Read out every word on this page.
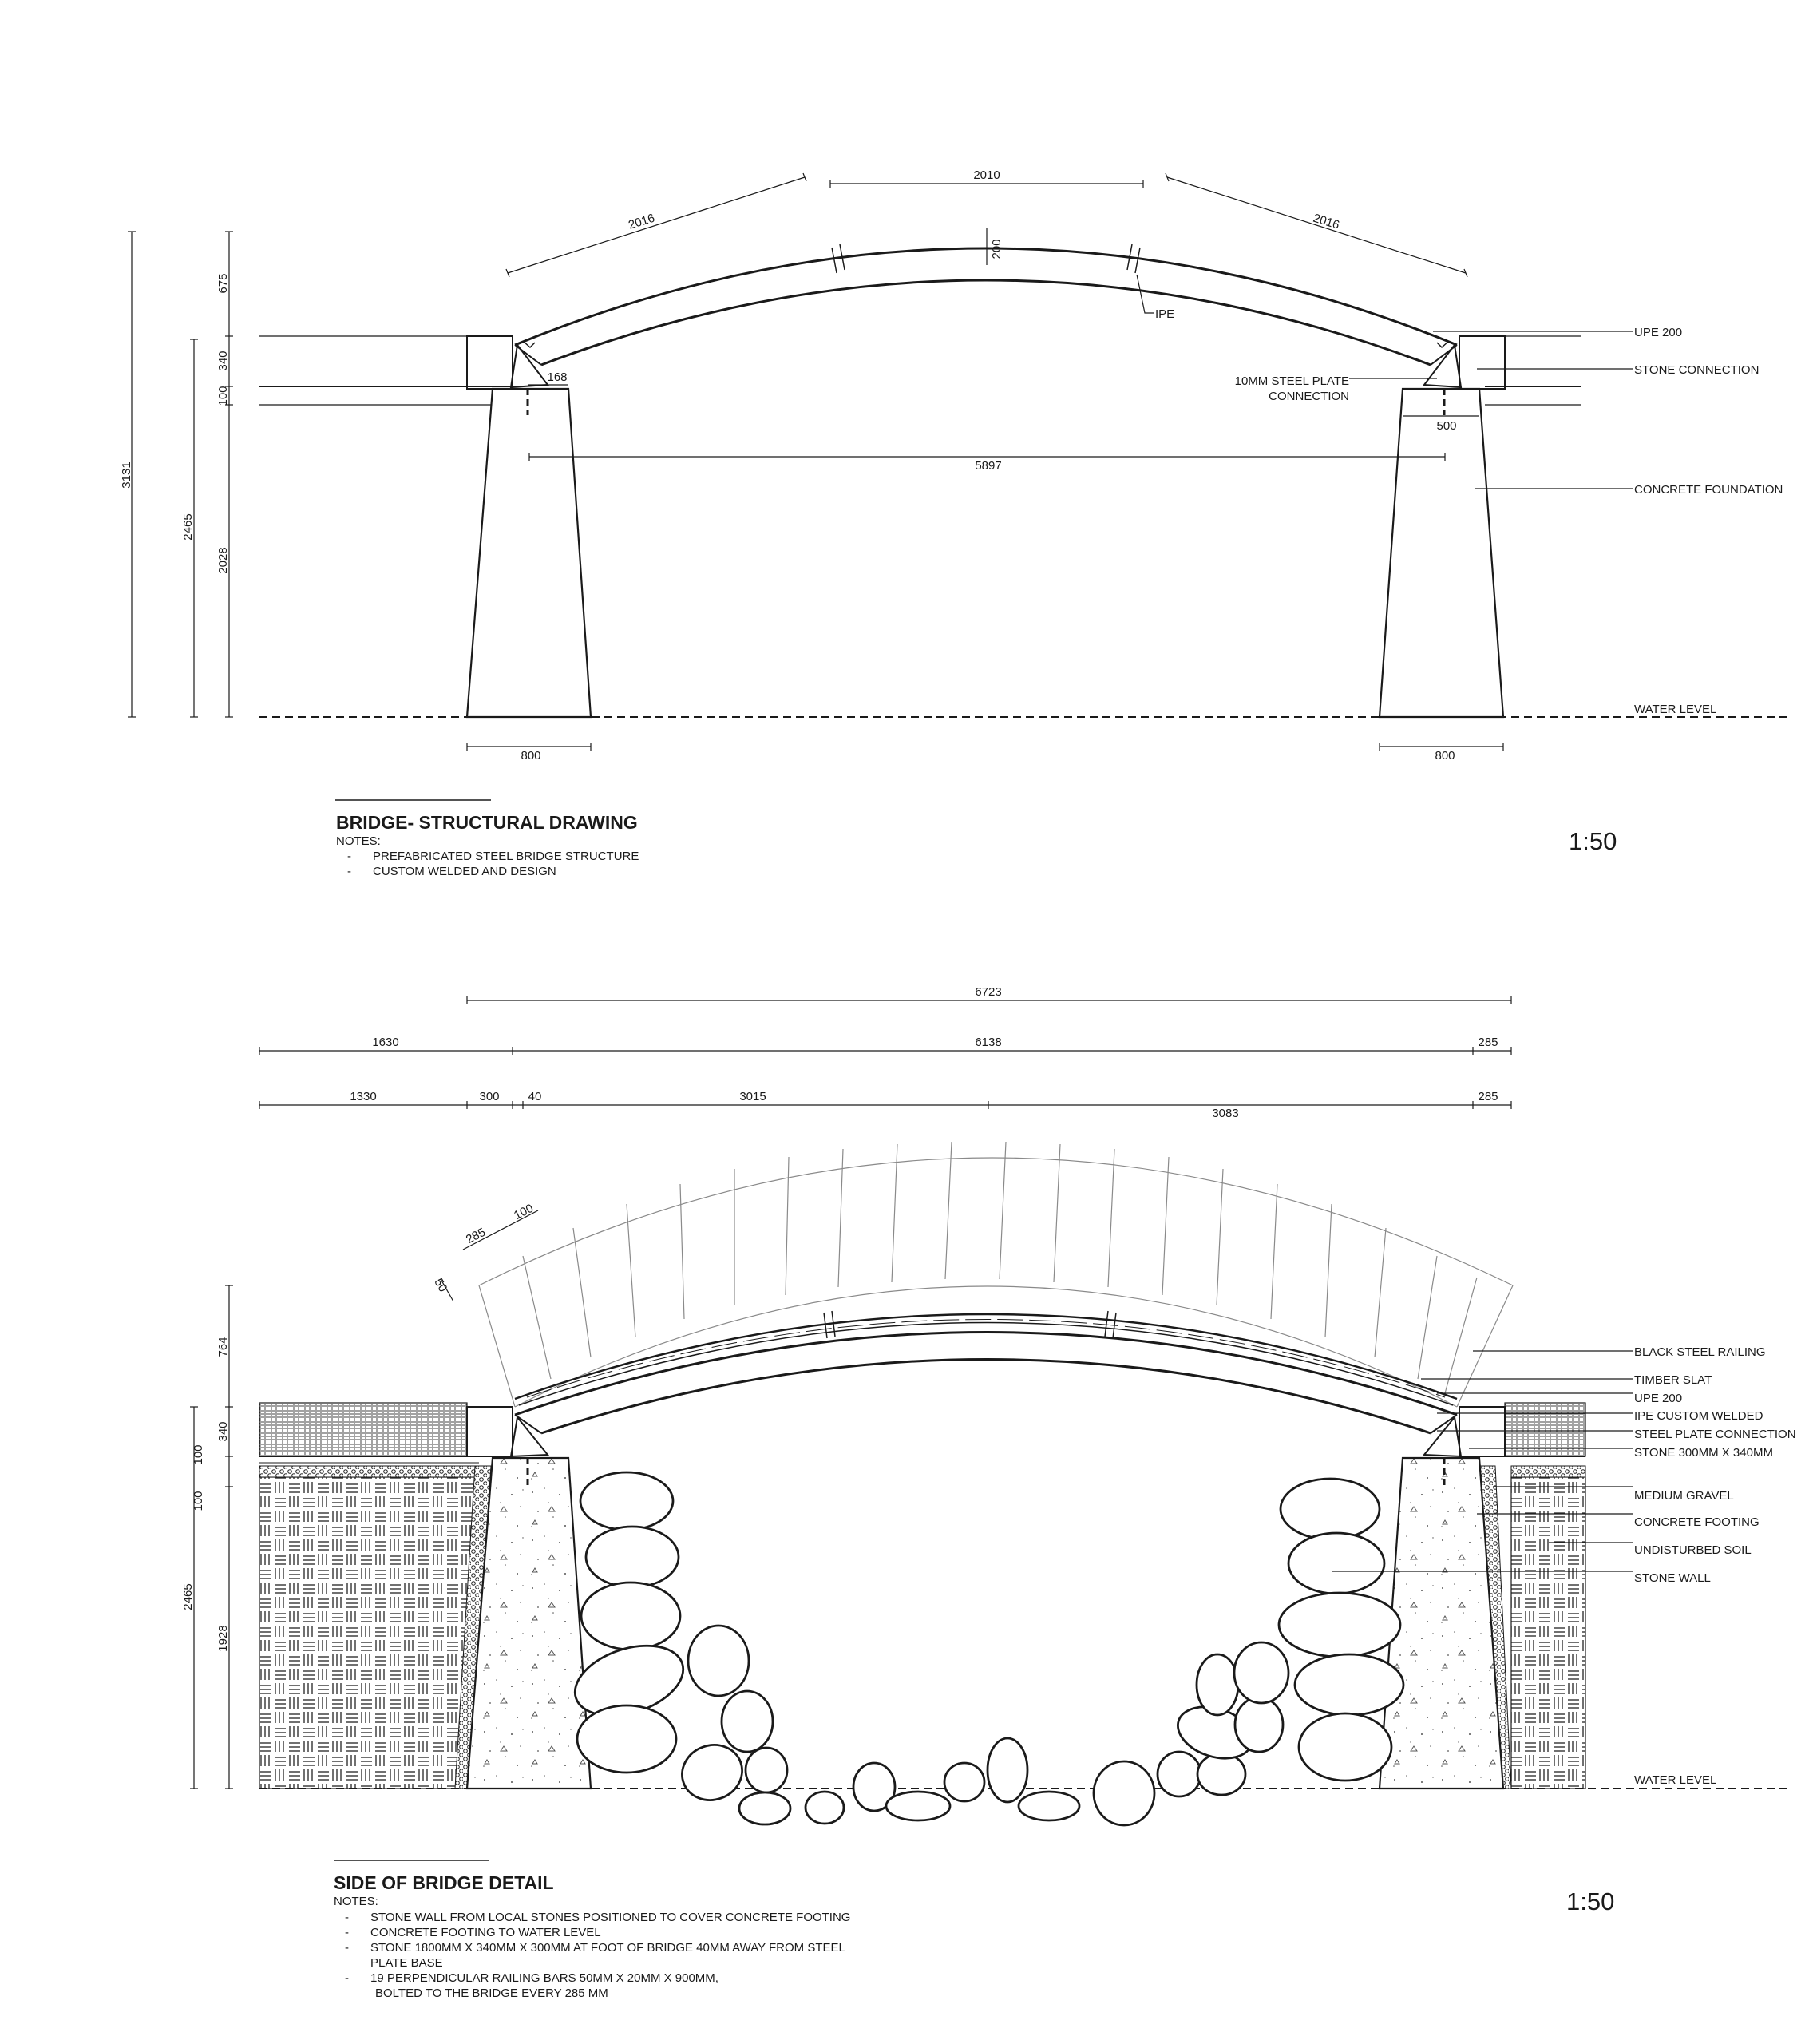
2016
2010
2016
200
168
500
5897
800	800
3131
2465
675
340
100
2028
IPE
UPE 200
STONE CONNECTION
10MM STEEL PLATE
CONNECTION
CONCRETE FOUNDATION
WATER LEVEL
BRIDGE- STRUCTURAL DRAWING
NOTES:
- PREFABRICATED STEEL BRIDGE STRUCTURE
- CUSTOM WELDED AND DESIGN
1:50
6723
1630	6138	285
1330	300 40	3015
3083
285
285
100
50
764
340
100
100
2465
1928
BLACK STEEL RAILING
TIMBER SLAT
UPE 200
IPE CUSTOM WELDED
STEEL PLATE CONNECTION
STONE 300MM X 340MM
MEDIUM GRAVEL
CONCRETE FOOTING
UNDISTURBED SOIL
STONE WALL
WATER LEVEL
SIDE OF BRIDGE DETAIL
NOTES:
- STONE WALL FROM LOCAL STONES POSITIONED TO COVER CONCRETE FOOTING
- CONCRETE FOOTING TO WATER LEVEL
- STONE 1800MM X 340MM X 300MM AT FOOT OF BRIDGE 40MM AWAY FROM STEEL
PLATE BASE
- 19 PERPENDICULAR RAILING BARS 50MM X 20MM X 900MM,
BOLTED TO THE BRIDGE EVERY 285 MM
1:50
